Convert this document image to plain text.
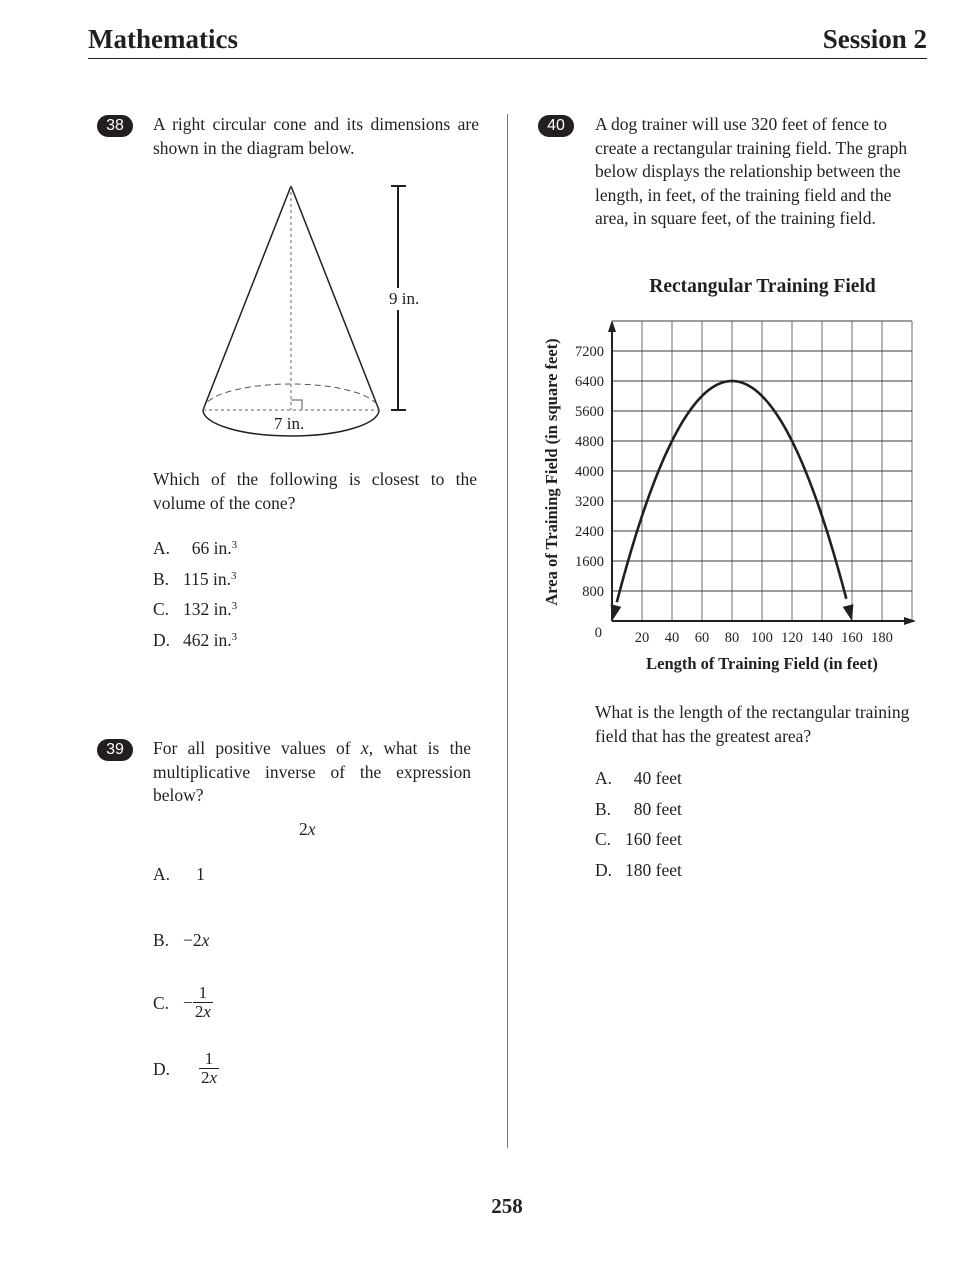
Mathematics	Session 2
38	A right circular cone and its dimensions are shown in the diagram below.
9 in.
7 in.
Which of the following is closest to the volume of the cone?
A. 66 in.$^3$
B. 115 in.$^3$
C. 132 in.$^3$
D. 462 in.$^3$
39	For all positive values of x, what is the multiplicative inverse of the expression below?
2x
A. 1
B. −2x
C. − $\frac{1}{2x}$
D. $\frac{1}{2x}$
40	A dog trainer will use 320 feet of fence to create a rectangular training field. The graph below displays the relationship between the length, in feet, of the training field and the area, in square feet, of the training field.
Rectangular Training Field
20 40 60 80 100 120 140 160 180
800
1600
2400
3200
4000
4800
5600
6400
7200
0
Area of Training Field (in square feet)
Length of Training Field (in feet)
What is the length of the rectangular training field that has the greatest area?
A. 40 feet
B. 80 feet
C. 160 feet
D. 180 feet
258
